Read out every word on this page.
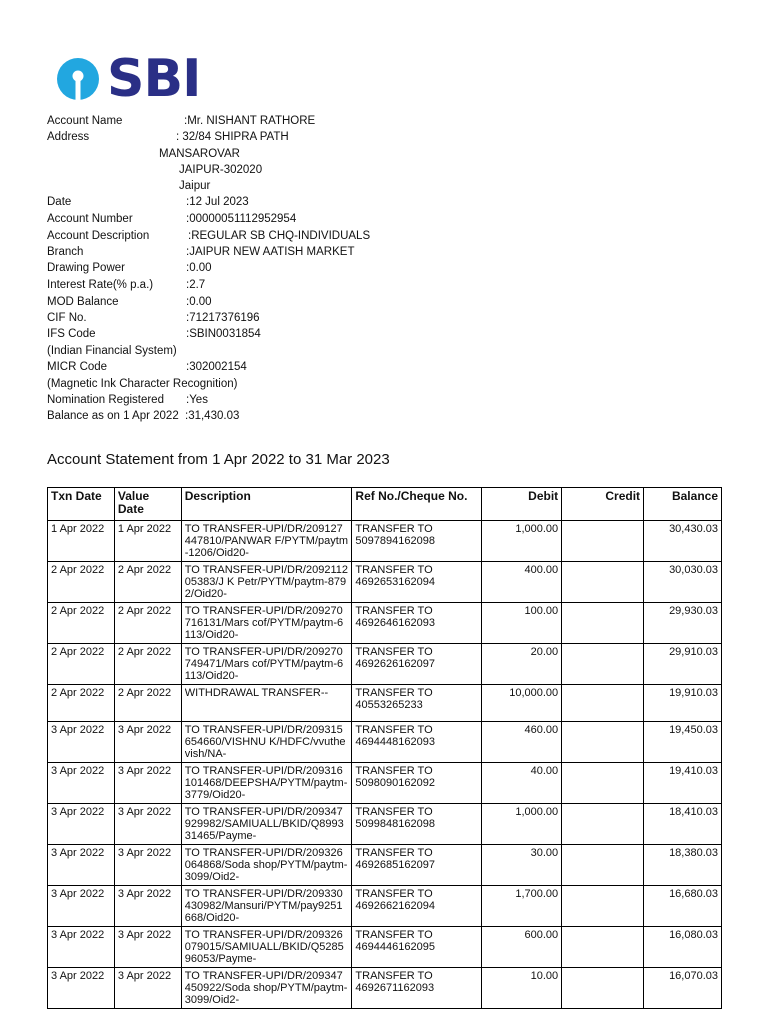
SBI
Account Name	:Mr. NISHANT RATHORE
Address	: 32/84 SHIPRA PATH
MANSAROVAR
JAIPUR-302020
Jaipur
Date	:12 Jul 2023
Account Number	:00000051112952954
Account Description	:REGULAR SB CHQ-INDIVIDUALS
Branch	:JAIPUR NEW AATISH MARKET
Drawing Power	:0.00
Interest Rate(% p.a.)	:2.7
MOD Balance	:0.00
CIF No.	:71217376196
IFS Code	:SBIN0031854
(Indian Financial System)
MICR Code	:302002154
(Magnetic Ink Character Recognition)
Nomination Registered :Yes
Balance as on 1 Apr 2022 :31,430.03
Account Statement from 1 Apr 2022 to 31 Mar 2023
Txn Date	Value Date	Description	Ref No./Cheque No.	Debit	Credit	Balance

1 Apr 2022	1 Apr 2022	TO TRANSFER-UPI/DR/209127447810/PANWAR F/PYTM/paytm-1206/Oid20-	TRANSFER TO 5097894162098	1,000.00		30,430.03

2 Apr 2022	2 Apr 2022	TO TRANSFER-UPI/DR/209211205383/J K Petr/PYTM/paytm-8792/Oid20-	TRANSFER TO 4692653162094	400.00		30,030.03

2 Apr 2022	2 Apr 2022	TO TRANSFER-UPI/DR/209270716131/Mars cof/PYTM/paytm-6113/Oid20-	TRANSFER TO 4692646162093	100.00		29,930.03

2 Apr 2022	2 Apr 2022	TO TRANSFER-UPI/DR/209270749471/Mars cof/PYTM/paytm-6113/Oid20-	TRANSFER TO 4692626162097	20.00		29,910.03

2 Apr 2022	2 Apr 2022	WITHDRAWAL TRANSFER--	TRANSFER TO 40553265233	10,000.00		19,910.03

3 Apr 2022	3 Apr 2022	TO TRANSFER-UPI/DR/209315654660/VISHNU K/HDFC/vvuthevish/NA-	TRANSFER TO 4694448162093	460.00		19,450.03

3 Apr 2022	3 Apr 2022	TO TRANSFER-UPI/DR/209316101468/DEEPSHA/PYTM/paytm-3779/Oid20-	TRANSFER TO 5098090162092	40.00		19,410.03

3 Apr 2022	3 Apr 2022	TO TRANSFER-UPI/DR/209347929982/SAMIUALL/BKID/Q899331465/Payme-	TRANSFER TO 5099848162098	1,000.00		18,410.03

3 Apr 2022	3 Apr 2022	TO TRANSFER-UPI/DR/209326064868/Soda shop/PYTM/paytm-3099/Oid2-	TRANSFER TO 4692685162097	30.00		18,380.03

3 Apr 2022	3 Apr 2022	TO TRANSFER-UPI/DR/209330430982/Mansuri/PYTM/pay9251668/Oid20-	TRANSFER TO 4692662162094	1,700.00		16,680.03

3 Apr 2022	3 Apr 2022	TO TRANSFER-UPI/DR/209326079015/SAMIUALL/BKID/Q528596053/Payme-	TRANSFER TO 4694446162095	600.00		16,080.03

3 Apr 2022	3 Apr 2022	TO TRANSFER-UPI/DR/209347450922/Soda shop/PYTM/paytm-3099/Oid2-	TRANSFER TO 4692671162093	10.00		16,070.03
